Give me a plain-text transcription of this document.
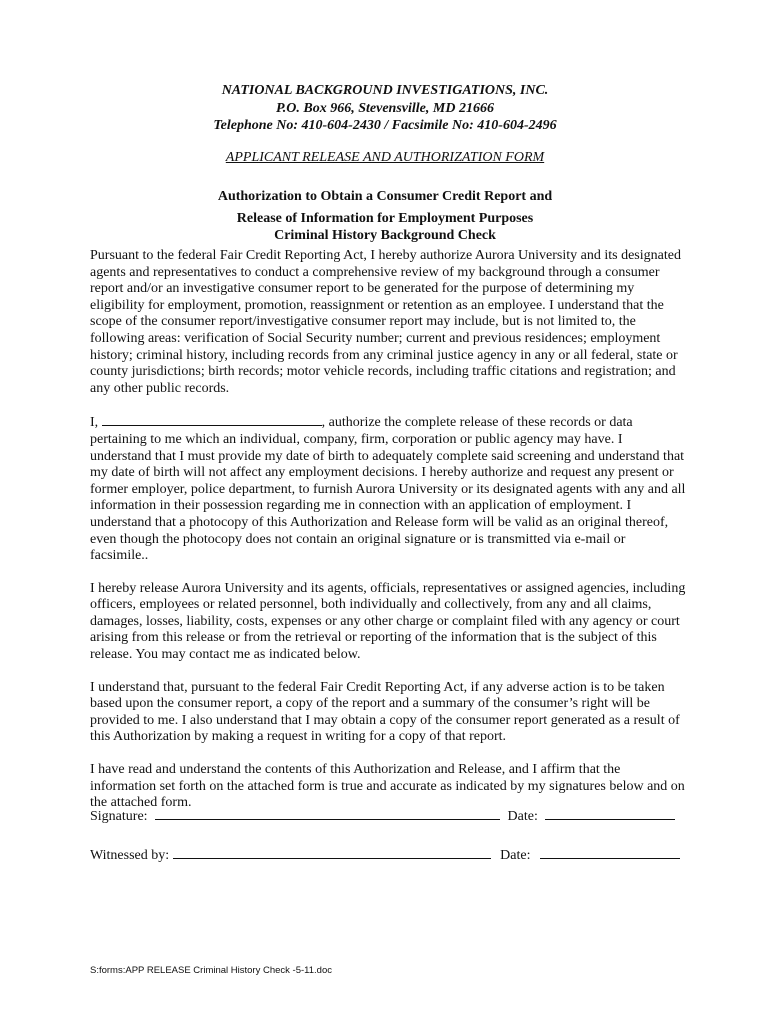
NATIONAL BACKGROUND INVESTIGATIONS, INC.
P.O. Box 966, Stevensville, MD 21666
Telephone No: 410-604-2430 / Facsimile No: 410-604-2496
APPLICANT RELEASE AND AUTHORIZATION FORM
Authorization to Obtain a Consumer Credit Report and
Release of Information for Employment Purposes
Criminal History Background Check

Pursuant to the federal Fair Credit Reporting Act, I hereby authorize Aurora University and its designated agents and representatives to conduct a comprehensive review of my background through a consumer report and/or an investigative consumer report to be generated for the purpose of determining my eligibility for employment, promotion, reassignment or retention as an employee. I understand that the scope of the consumer report/investigative consumer report may include, but is not limited to, the following areas: verification of Social Security number; current and previous residences; employment history; criminal history, including records from any criminal justice agency in any or all federal, state or county jurisdictions; birth records; motor vehicle records, including traffic citations and registration; and any other public records.

I,	, authorize the complete release of these records or data pertaining to me which an individual, company, firm, corporation or public agency may have. I understand that I must provide my date of birth to adequately complete said screening and understand that my date of birth will not affect any employment decisions. I hereby authorize and request any present or former employer, police department, to furnish Aurora University or its designated agents with any and all information in their possession regarding me in connection with an application of employment. I understand that a photocopy of this Authorization and Release form will be valid as an original thereof, even though the photocopy does not contain an original signature or is transmitted via e-mail or facsimile..

I hereby release Aurora University and its agents, officials, representatives or assigned agencies, including officers, employees or related personnel, both individually and collectively, from any and all claims, damages, losses, liability, costs, expenses or any other charge or complaint filed with any agency or court arising from this release or from the retrieval or reporting of the information that is the subject of this release. You may contact me as indicated below.

I understand that, pursuant to the federal Fair Credit Reporting Act, if any adverse action is to be taken based upon the consumer report, a copy of the report and a summary of the consumer’s right will be provided to me. I also understand that I may obtain a copy of the consumer report generated as a result of this Authorization by making a request in writing for a copy of that report.

I have read and understand the contents of this Authorization and Release, and I affirm that the information set forth on the attached form is true and accurate as indicated by my signatures below and on the attached form.

Signature:	Date:
Witnessed by:	Date:
S:forms:APP RELEASE Criminal History Check -5-11.doc
